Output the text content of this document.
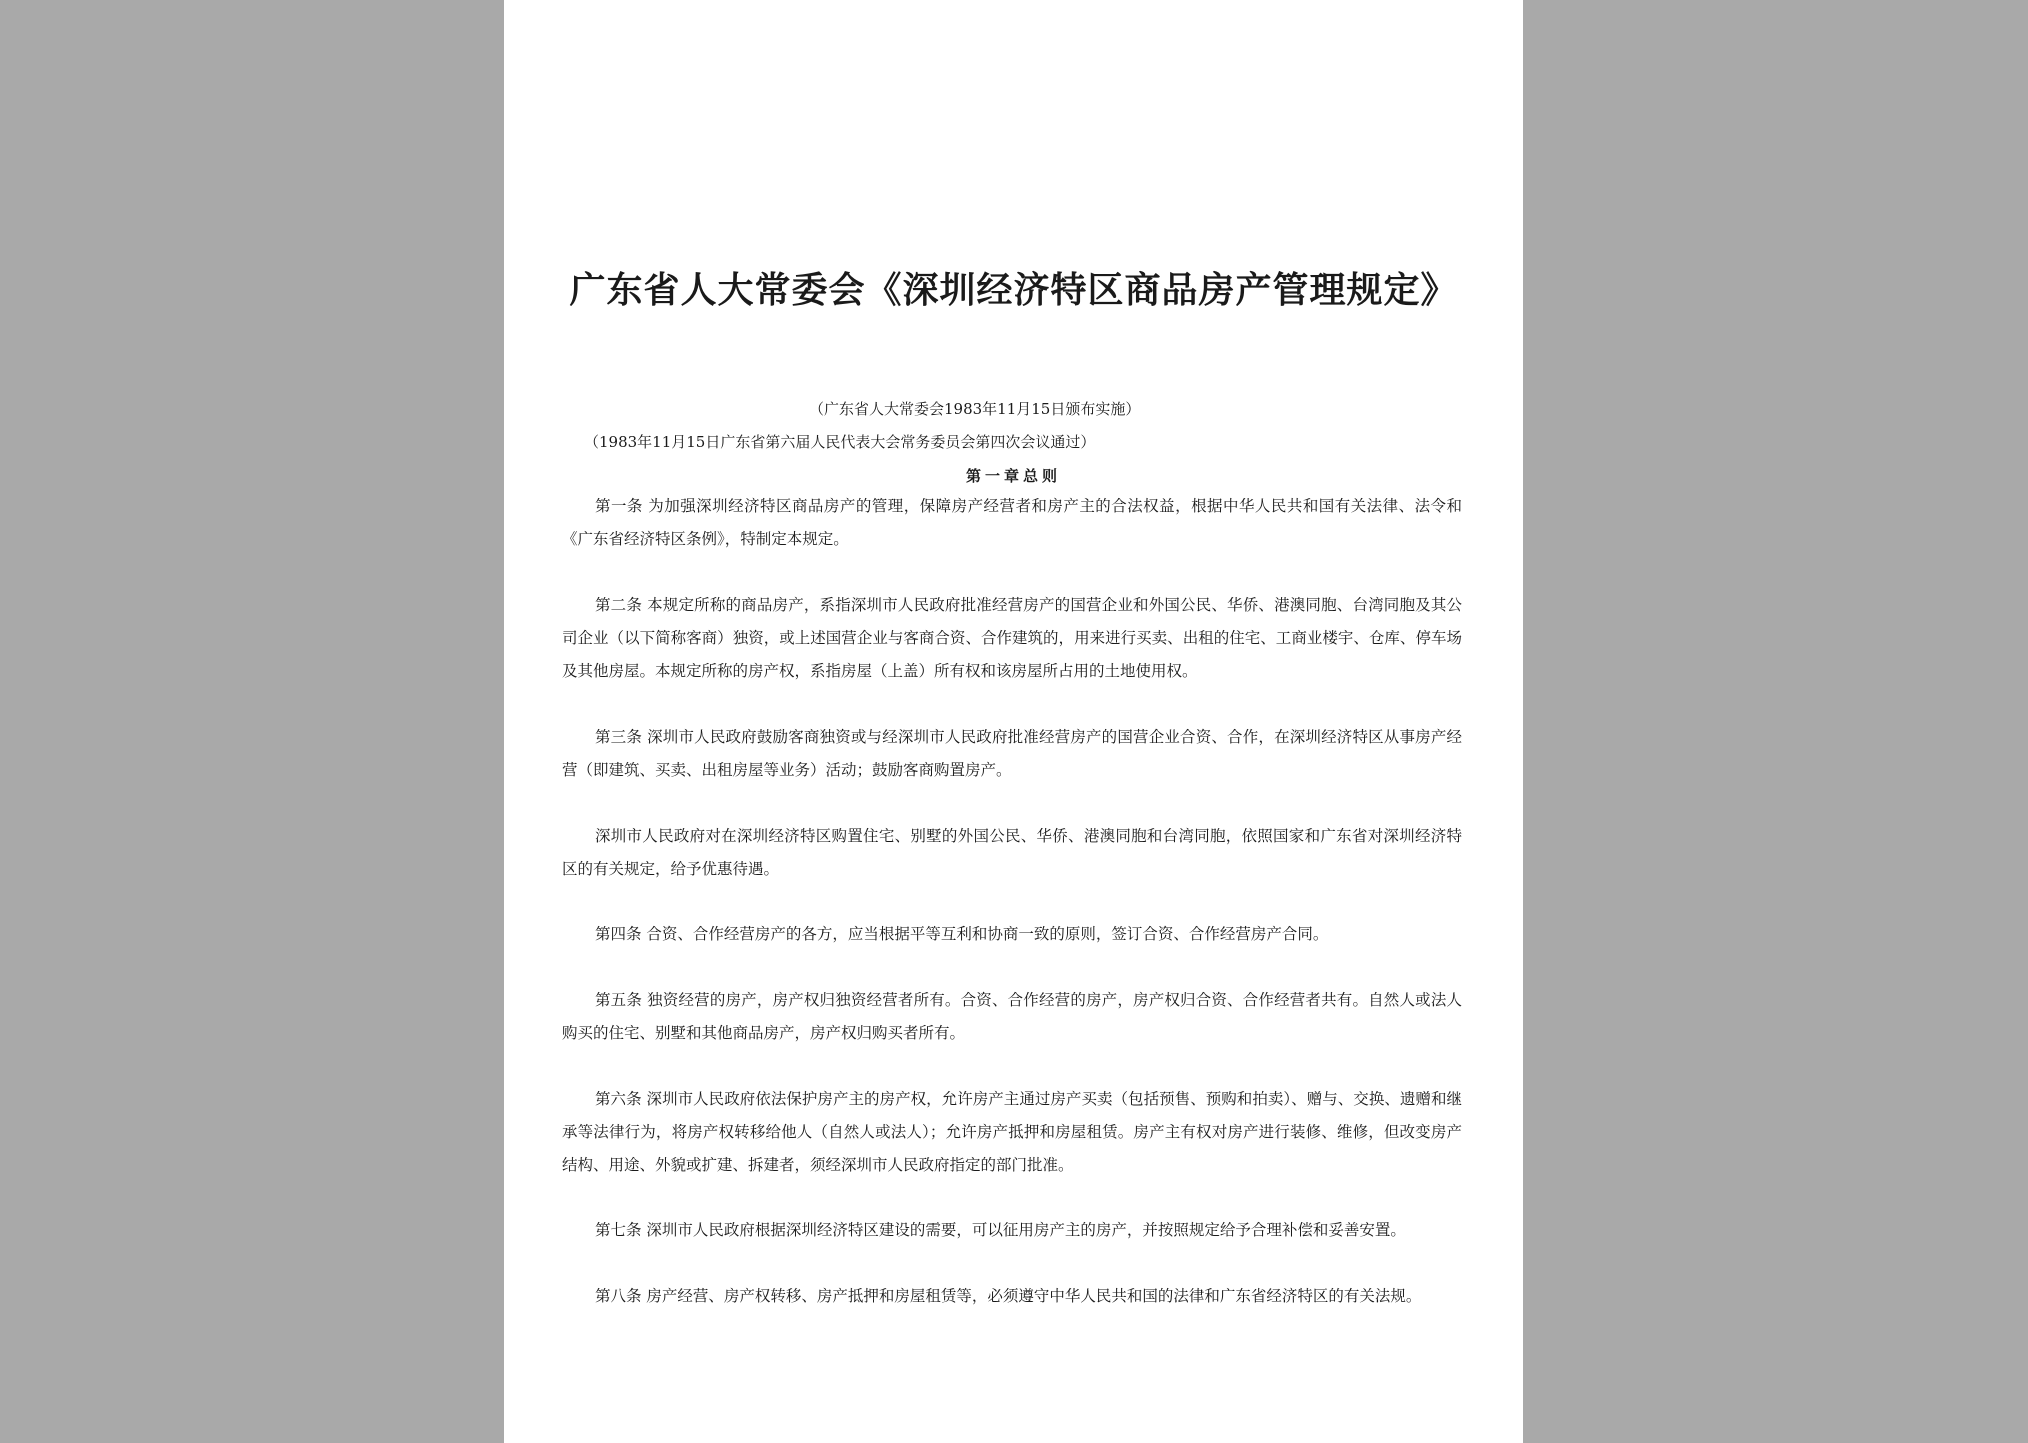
广东省人大常委会《深圳经济特区商品房产管理规定》
（广东省人大常委会1983年11月15日颁布实施）
（1983年11月15日广东省第六届人民代表大会常务委员会第四次会议通过）
第一章总则
第一条 为加强深圳经济特区商品房产的管理，保障房产经营者和房产主的合法权益，根据中华人民共和国有关法律、法令和《广东省经济特区条例》，特制定本规定。
第二条 本规定所称的商品房产，系指深圳市人民政府批准经营房产的国营企业和外国公民、华侨、港澳同胞、台湾同胞及其公司企业（以下简称客商）独资，或上述国营企业与客商合资、合作建筑的，用来进行买卖、出租的住宅、工商业楼宇、仓库、停车场及其他房屋。本规定所称的房产权，系指房屋（上盖）所有权和该房屋所占用的土地使用权。
第三条 深圳市人民政府鼓励客商独资或与经深圳市人民政府批准经营房产的国营企业合资、合作，在深圳经济特区从事房产经营（即建筑、买卖、出租房屋等业务）活动；鼓励客商购置房产。
深圳市人民政府对在深圳经济特区购置住宅、别墅的外国公民、华侨、港澳同胞和台湾同胞，依照国家和广东省对深圳经济特区的有关规定，给予优惠待遇。
第四条 合资、合作经营房产的各方，应当根据平等互利和协商一致的原则，签订合资、合作经营房产合同。
第五条 独资经营的房产，房产权归独资经营者所有。合资、合作经营的房产，房产权归合资、合作经营者共有。自然人或法人购买的住宅、别墅和其他商品房产，房产权归购买者所有。
第六条 深圳市人民政府依法保护房产主的房产权，允许房产主通过房产买卖（包括预售、预购和拍卖）、赠与、交换、遗赠和继承等法律行为，将房产权转移给他人（自然人或法人）；允许房产抵押和房屋租赁。房产主有权对房产进行装修、维修，但改变房产结构、用途、外貌或扩建、拆建者，须经深圳市人民政府指定的部门批准。
第七条 深圳市人民政府根据深圳经济特区建设的需要，可以征用房产主的房产，并按照规定给予合理补偿和妥善安置。
第八条 房产经营、房产权转移、房产抵押和房屋租赁等，必须遵守中华人民共和国的法律和广东省经济特区的有关法规。
